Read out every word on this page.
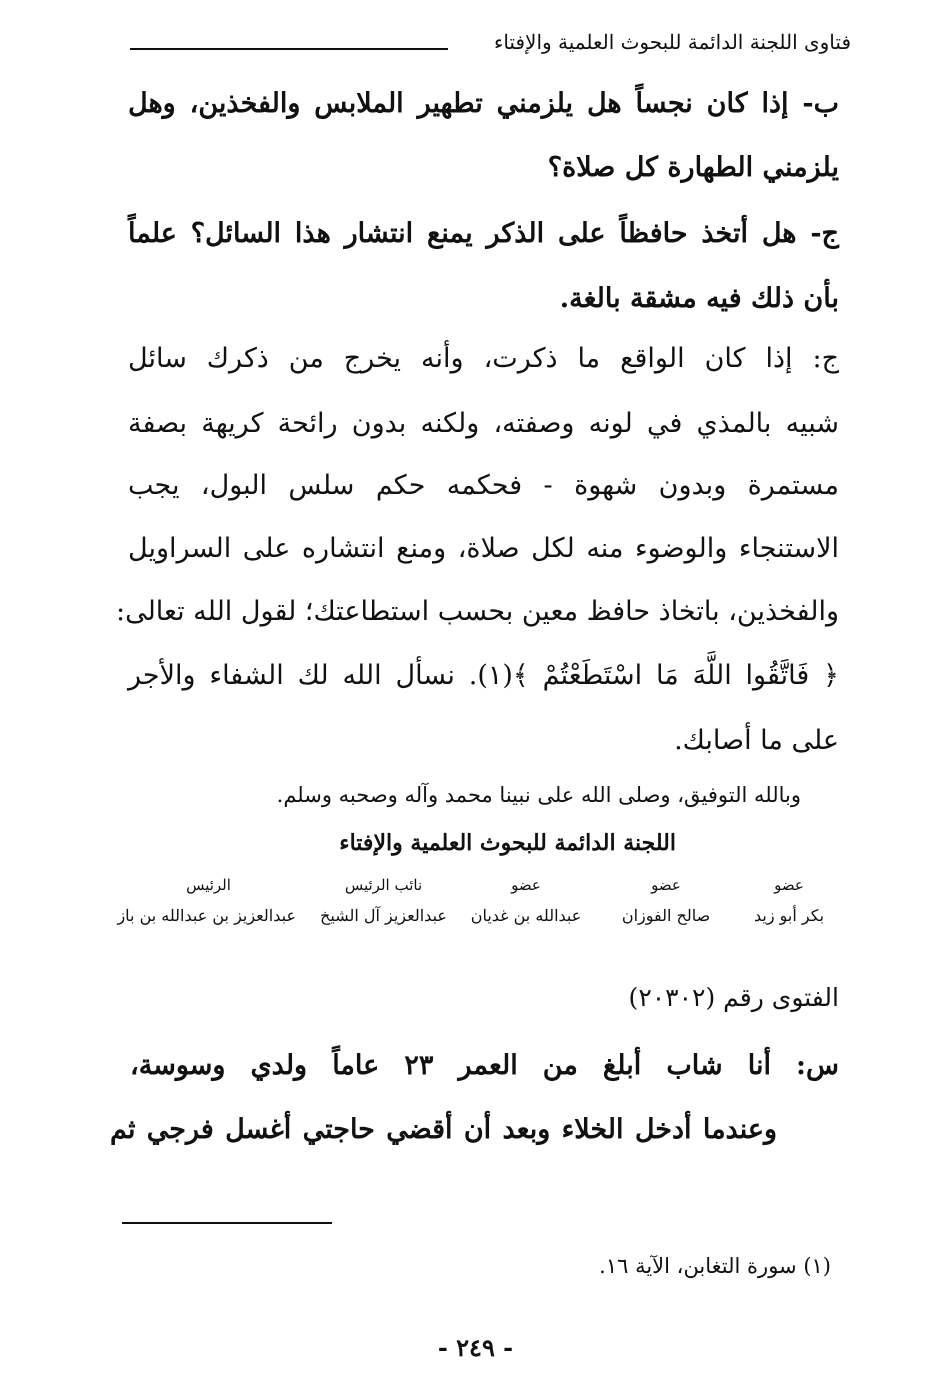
فتاوى اللجنة الدائمة للبحوث العلمية والإفتاء
ب- إذا كان نجساً هل يلزمني تطهير الملابس والفخذين، وهل
يلزمني الطهارة كل صلاة؟
ج- هل أتخذ حافظاً على الذكر يمنع انتشار هذا السائل؟ علماً
بأن ذلك فيه مشقة بالغة.
ج: إذا كان الواقع ما ذكرت، وأنه يخرج من ذكرك سائل
شبيه بالمذي في لونه وصفته، ولكنه بدون رائحة كريهة بصفة
مستمرة وبدون شهوة - فحكمه حكم سلس البول، يجب
الاستنجاء والوضوء منه لكل صلاة، ومنع انتشاره على السراويل
والفخذين، باتخاذ حافظ معين بحسب استطاعتك؛ لقول الله تعالى:
﴿ فَاتَّقُوا اللَّهَ مَا اسْتَطَعْتُمْ ﴾(١). نسأل الله لك الشفاء والأجر
على ما أصابك.
وبالله التوفيق، وصلى الله على نبينا محمد وآله وصحبه وسلم.
اللجنة الدائمة للبحوث العلمية والإفتاء
عضو
بكر أبو زيد
عضو
صالح الفوزان
عضو
عبدالله بن غديان
نائب الرئيس
عبدالعزيز آل الشيخ
الرئيس
عبدالعزيز بن عبدالله بن باز
الفتوى رقم (٢٠٣٠٢)
س: أنا شاب أبلغ من العمر ٢٣ عاماً ولدي وسوسة،
وعندما أدخل الخلاء وبعد أن أقضي حاجتي أغسل فرجي ثم
(١) سورة التغابن، الآية ١٦.
- ٢٤٩ -
